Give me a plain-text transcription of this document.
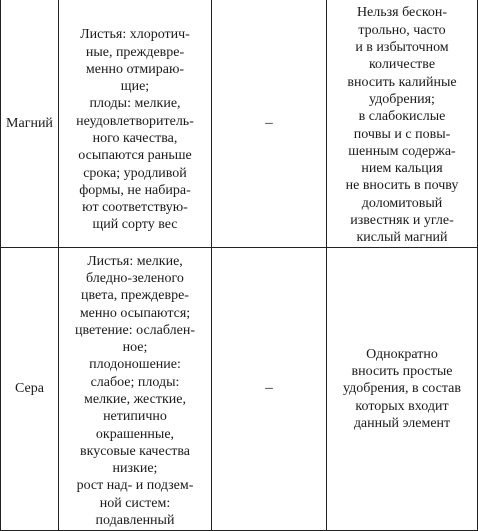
Магний
Листья: хлоротич-
ные, преждевре-
менно отмираю-
щие;
плоды: мелкие,
неудовлетворитель-
ного качества,
осыпаются раньше
срока; уродливой
формы, не набира-
ют соответствую-
щий сорту вес
–
Нельзя бескон-
трольно, часто
и в избыточном
количестве
вносить калийные
удобрения;
в слабокислые
почвы и с повы-
шенным содержа-
нием кальция
не вносить в почву
доломитовый
известняк и угле-
кислый магний
Сера
Листья: мелкие,
бледно-зеленого
цвета, преждевре-
менно осыпаются;
цветение: ослаблен-
ное;
плодоношение:
слабое; плоды:
мелкие, жесткие,
нетипично
окрашенные,
вкусовые качества
низкие;
рост над- и подзем-
ной систем:
подавленный
–
Однократно
вносить простые
удобрения, в состав
которых входит
данный элемент
